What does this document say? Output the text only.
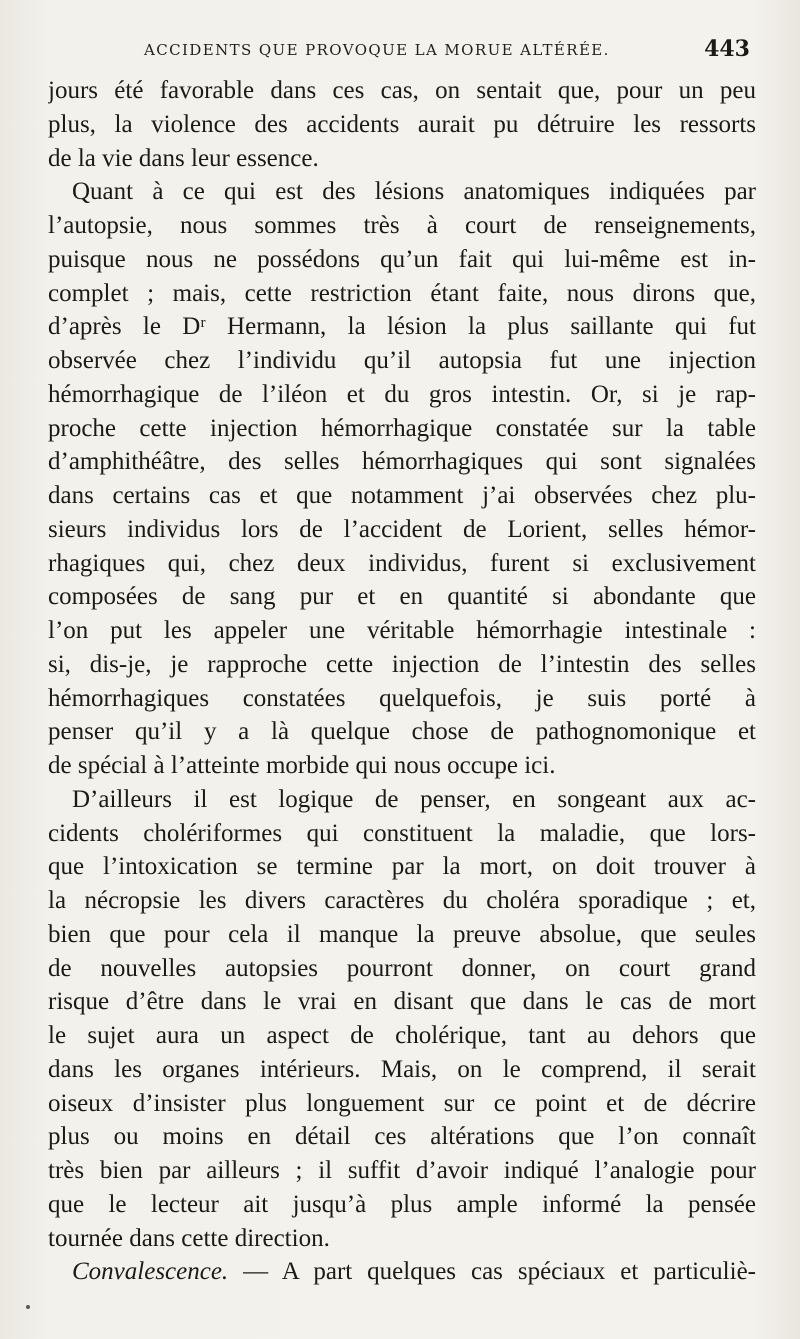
ACCIDENTS QUE PROVOQUE LA MORUE ALTÉRÉE.	443
jours été favorable dans ces cas, on sentait que, pour un peu
plus, la violence des accidents aurait pu détruire les ressorts
de la vie dans leur essence.
Quant à ce qui est des lésions anatomiques indiquées par
l’autopsie, nous sommes très à court de renseignements,
puisque nous ne possédons qu’un fait qui lui-même est in-
complet ; mais, cette restriction étant faite, nous dirons que,
d’après le Dʳ Hermann, la lésion la plus saillante qui fut
observée chez l’individu qu’il autopsia fut une injection
hémorrhagique de l’iléon et du gros intestin. Or, si je rap-
proche cette injection hémorrhagique constatée sur la table
d’amphithéâtre, des selles hémorrhagiques qui sont signalées
dans certains cas et que notamment j’ai observées chez plu-
sieurs individus lors de l’accident de Lorient, selles hémor-
rhagiques qui, chez deux individus, furent si exclusivement
composées de sang pur et en quantité si abondante que
l’on put les appeler une véritable hémorrhagie intestinale :
si, dis-je, je rapproche cette injection de l’intestin des selles
hémorrhagiques constatées quelquefois, je suis porté à
penser qu’il y a là quelque chose de pathognomonique et
de spécial à l’atteinte morbide qui nous occupe ici.
D’ailleurs il est logique de penser, en songeant aux ac-
cidents cholériformes qui constituent la maladie, que lors-
que l’intoxication se termine par la mort, on doit trouver à
la nécropsie les divers caractères du choléra sporadique ; et,
bien que pour cela il manque la preuve absolue, que seules
de nouvelles autopsies pourront donner, on court grand
risque d’être dans le vrai en disant que dans le cas de mort
le sujet aura un aspect de cholérique, tant au dehors que
dans les organes intérieurs. Mais, on le comprend, il serait
oiseux d’insister plus longuement sur ce point et de décrire
plus ou moins en détail ces altérations que l’on connaît
très bien par ailleurs ; il suffit d’avoir indiqué l’analogie pour
que le lecteur ait jusqu’à plus ample informé la pensée
tournée dans cette direction.
Convalescence. — A part quelques cas spéciaux et particuliè-
